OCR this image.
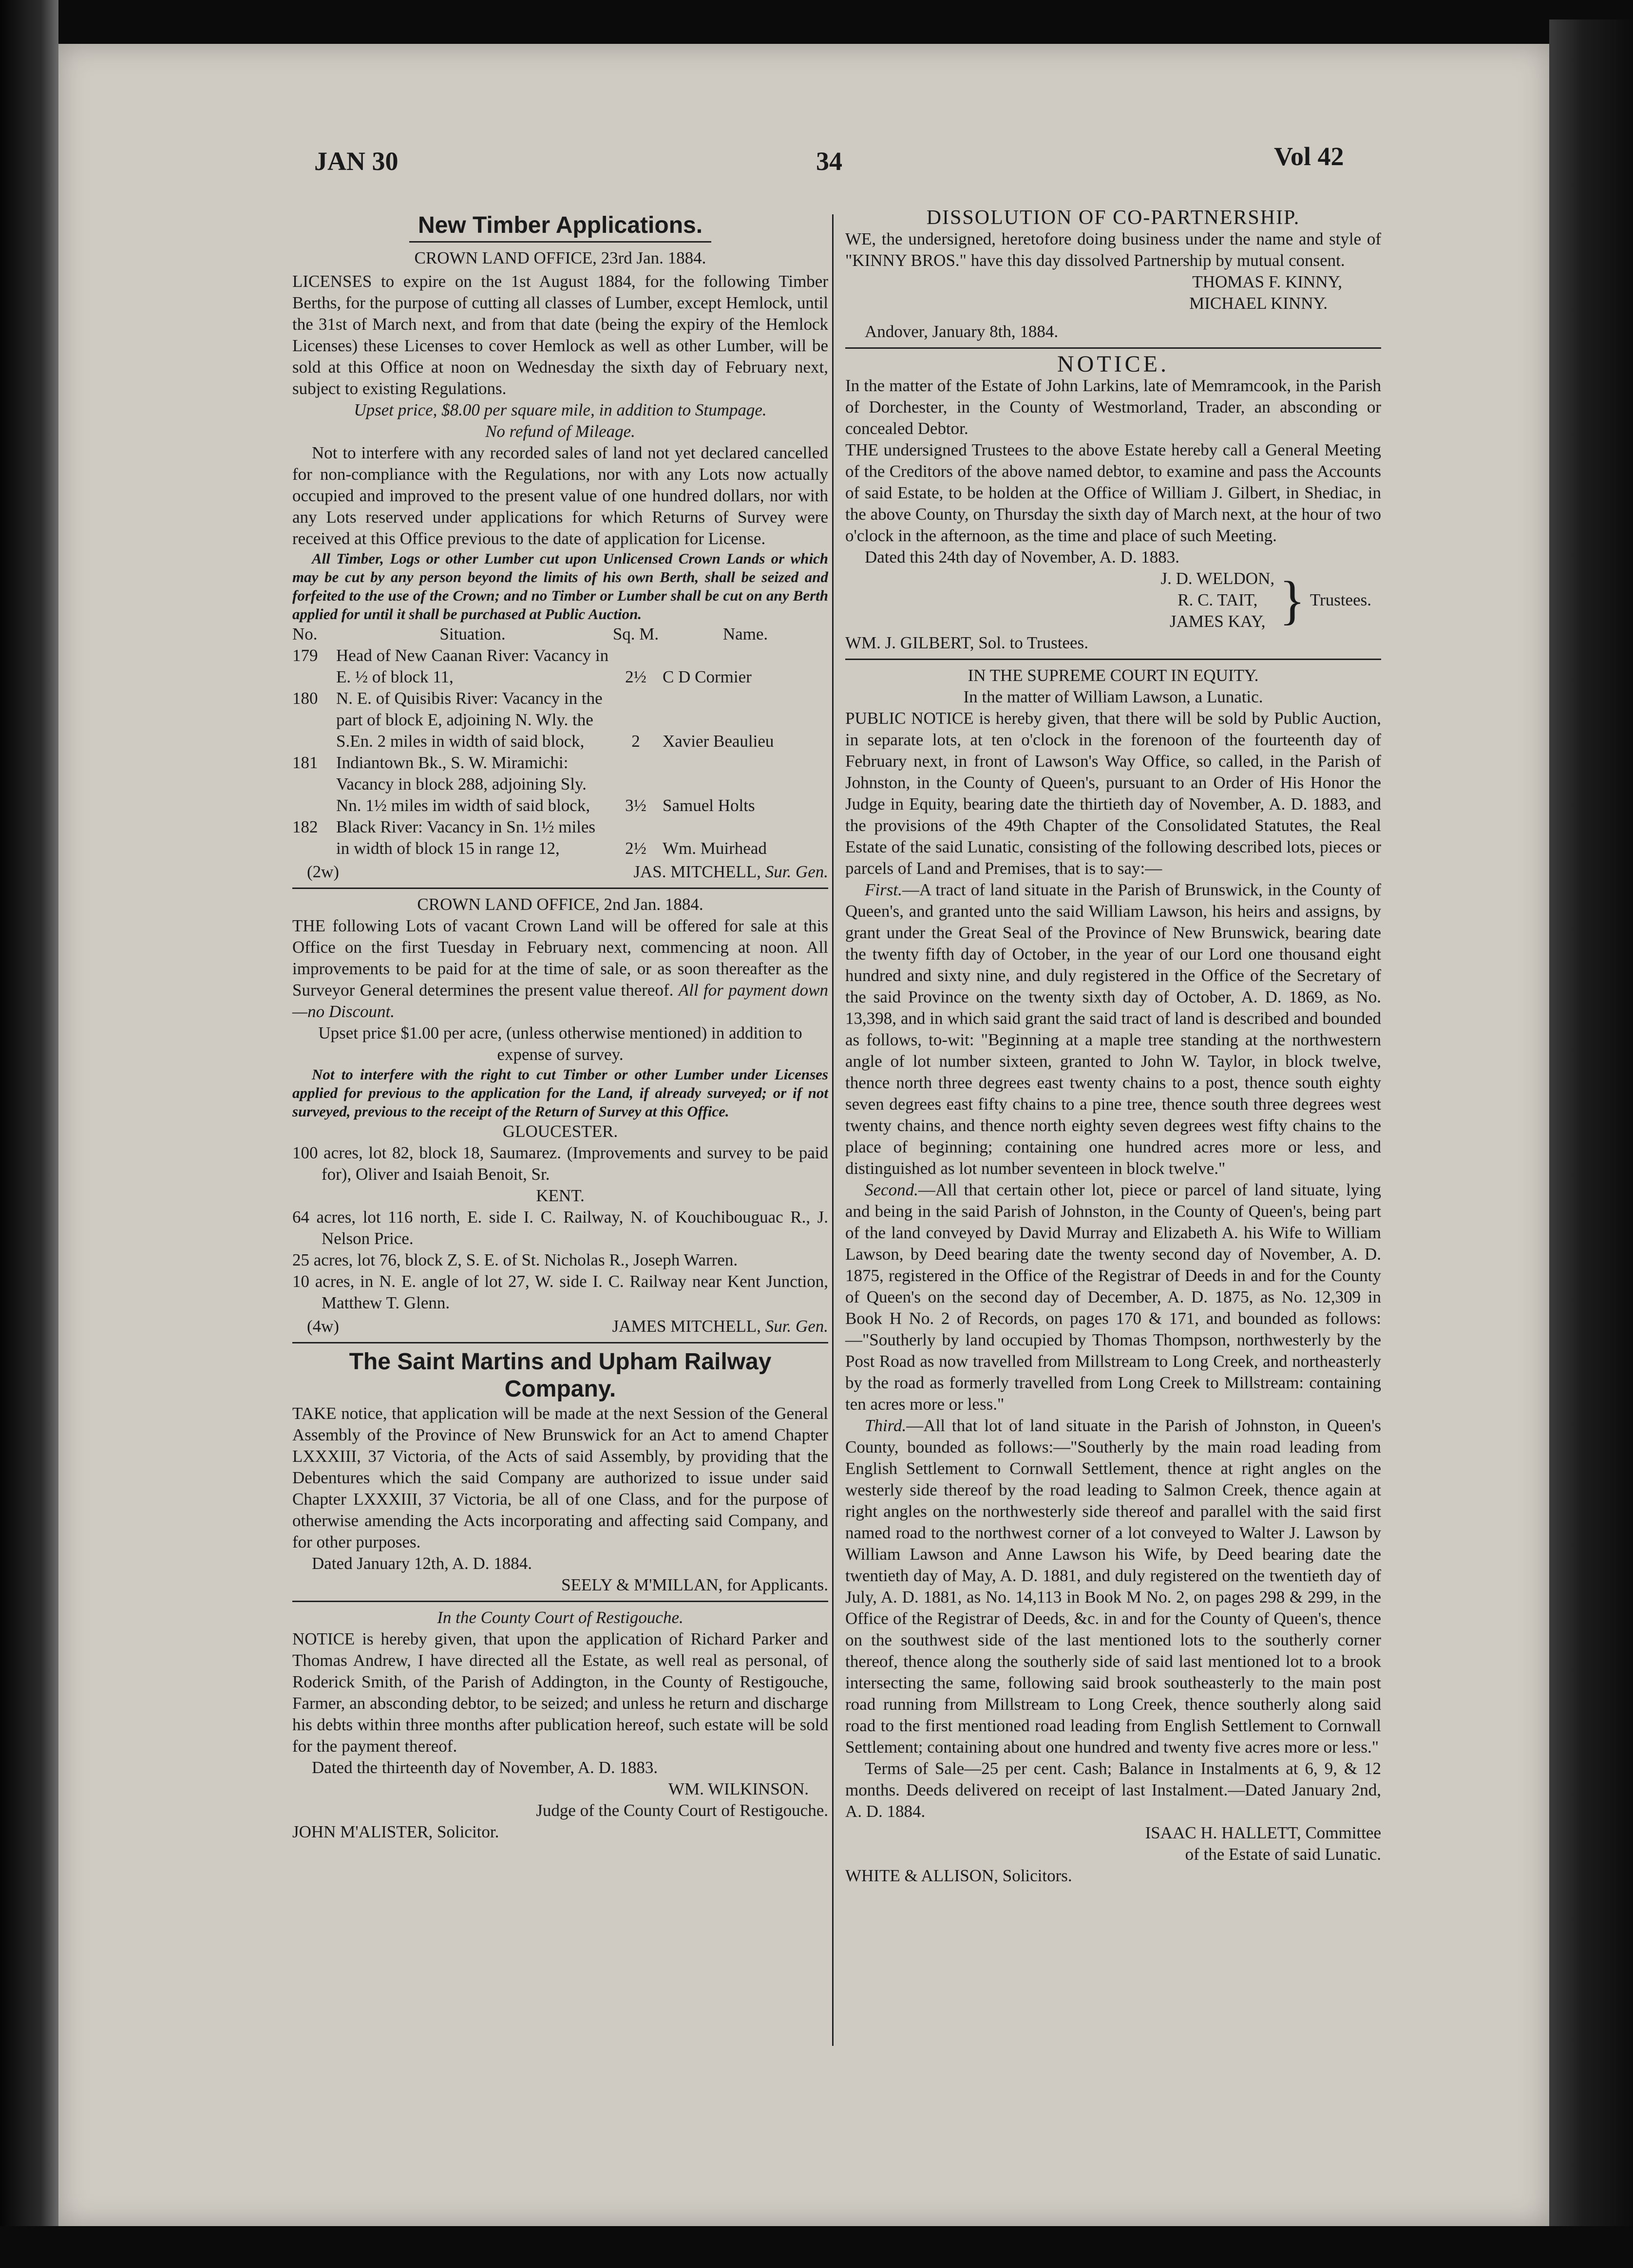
JAN 30	34	Vol 42
New Timber Applications.

CROWN LAND OFFICE, 23rd Jan. 1884.

LICENSES to expire on the 1st August 1884, for the following Timber Berths, for the purpose of cutting all classes of Lumber, except Hemlock, until the 31st of March next, and from that date (being the expiry of the Hemlock Licenses) these Licenses to cover Hemlock as well as other Lumber, will be sold at this Office at noon on Wednesday the sixth day of February next, subject to existing Regulations.

Upset price, $8.00 per square mile, in addition to Stumpage.

No refund of Mileage.

Not to interfere with any recorded sales of land not yet declared cancelled for non-compliance with the Regulations, nor with any Lots now actually occupied and improved to the present value of one hundred dollars, nor with any Lots reserved under applications for which Returns of Survey were received at this Office previous to the date of application for License.

All Timber, Logs or other Lumber cut upon Unlicensed Crown Lands or which may be cut by any person beyond the limits of his own Berth, shall be seized and forfeited to the use of the Crown; and no Timber or Lumber shall be cut on any Berth applied for until it shall be purchased at Public Auction.

No.	Situation.	Sq. M.	Name.
179	Head of New Caanan River: Vacancy in E. ½ of block 11,	2½	C D Cormier
180	N. E. of Quisibis River: Vacancy in the part of block E, adjoining N. Wly. the S.En. 2 miles in width of said block,	2	Xavier Beaulieu
181	Indiantown Bk., S. W. Miramichi: Vacancy in block 288, adjoining Sly. Nn. 1½ miles im width of said block,	3½	Samuel Holts
182	Black River: Vacancy in Sn. 1½ miles in width of block 15 in range 12,	2½	Wm. Muirhead
(2w)	JAS. MITCHELL, Sur. Gen.

CROWN LAND OFFICE, 2nd Jan. 1884.

THE following Lots of vacant Crown Land will be offered for sale at this Office on the first Tuesday in February next, commencing at noon. All improvements to be paid for at the time of sale, or as soon thereafter as the Surveyor General determines the present value thereof. All for payment down—no Discount.

Upset price $1.00 per acre, (unless otherwise mentioned) in addition to expense of survey.

Not to interfere with the right to cut Timber or other Lumber under Licenses applied for previous to the application for the Land, if already surveyed; or if not surveyed, previous to the receipt of the Return of Survey at this Office.

GLOUCESTER.

100 acres, lot 82, block 18, Saumarez. (Improvements and survey to be paid for), Oliver and Isaiah Benoit, Sr.

KENT.

64 acres, lot 116 north, E. side I. C. Railway, N. of Kouchibouguac R., J. Nelson Price.

25 acres, lot 76, block Z, S. E. of St. Nicholas R., Joseph Warren.

10 acres, in N. E. angle of lot 27, W. side I. C. Railway near Kent Junction, Matthew T. Glenn.

(4w)	JAMES MITCHELL, Sur. Gen.
The Saint Martins and Upham Railway Company.

TAKE notice, that application will be made at the next Session of the General Assembly of the Province of New Brunswick for an Act to amend Chapter LXXXIII, 37 Victoria, of the Acts of said Assembly, by providing that the Debentures which the said Company are authorized to issue under said Chapter LXXXIII, 37 Victoria, be all of one Class, and for the purpose of otherwise amending the Acts incorporating and affecting said Company, and for other purposes.

Dated January 12th, A. D. 1884.

SEELY & M'MILLAN, for Applicants.

In the County Court of Restigouche.

NOTICE is hereby given, that upon the application of Richard Parker and Thomas Andrew, I have directed all the Estate, as well real as personal, of Roderick Smith, of the Parish of Addington, in the County of Restigouche, Farmer, an absconding debtor, to be seized; and unless he return and discharge his debts within three months after publication hereof, such estate will be sold for the payment thereof.

Dated the thirteenth day of November, A. D. 1883.

WM. WILKINSON.

Judge of the County Court of Restigouche.

JOHN M'ALISTER, Solicitor.

DISSOLUTION OF CO-PARTNERSHIP.

WE, the undersigned, heretofore doing business under the name and style of "KINNY BROS." have this day dissolved Partnership by mutual consent.

THOMAS F. KINNY,

MICHAEL KINNY.

Andover, January 8th, 1884.

NOTICE.

In the matter of the Estate of John Larkins, late of Memramcook, in the Parish of Dorchester, in the County of Westmorland, Trader, an absconding or concealed Debtor.

THE undersigned Trustees to the above Estate hereby call a General Meeting of the Creditors of the above named debtor, to examine and pass the Accounts of said Estate, to be holden at the Office of William J. Gilbert, in Shediac, in the above County, on Thursday the sixth day of March next, at the hour of two o'clock in the afternoon, as the time and place of such Meeting.

Dated this 24th day of November, A. D. 1883.

J. D. WELDON,
R. C. TAIT,
JAMES KAY, } Trustees.

WM. J. GILBERT, Sol. to Trustees.

IN THE SUPREME COURT IN EQUITY.

In the matter of William Lawson, a Lunatic.

PUBLIC NOTICE is hereby given, that there will be sold by Public Auction, in separate lots, at ten o'clock in the forenoon of the fourteenth day of February next, in front of Lawson's Way Office, so called, in the Parish of Johnston, in the County of Queen's, pursuant to an Order of His Honor the Judge in Equity, bearing date the thirtieth day of November, A. D. 1883, and the provisions of the 49th Chapter of the Consolidated Statutes, the Real Estate of the said Lunatic, consisting of the following described lots, pieces or parcels of Land and Premises, that is to say:—

First.—A tract of land situate in the Parish of Brunswick, in the County of Queen's, and granted unto the said William Lawson, his heirs and assigns, by grant under the Great Seal of the Province of New Brunswick, bearing date the twenty fifth day of October, in the year of our Lord one thousand eight hundred and sixty nine, and duly registered in the Office of the Secretary of the said Province on the twenty sixth day of October, A. D. 1869, as No. 13,398, and in which said grant the said tract of land is described and bounded as follows, to-wit: "Beginning at a maple tree standing at the northwestern angle of lot number sixteen, granted to John W. Taylor, in block twelve, thence north three degrees east twenty chains to a post, thence south eighty seven degrees east fifty chains to a pine tree, thence south three degrees west twenty chains, and thence north eighty seven degrees west fifty chains to the place of beginning; containing one hundred acres more or less, and distinguished as lot number seventeen in block twelve."

Second.—All that certain other lot, piece or parcel of land situate, lying and being in the said Parish of Johnston, in the County of Queen's, being part of the land conveyed by David Murray and Elizabeth A. his Wife to William Lawson, by Deed bearing date the twenty second day of November, A. D. 1875, registered in the Office of the Registrar of Deeds in and for the County of Queen's on the second day of December, A. D. 1875, as No. 12,309 in Book H No. 2 of Records, on pages 170 & 171, and bounded as follows:—"Southerly by land occupied by Thomas Thompson, northwesterly by the Post Road as now travelled from Millstream to Long Creek, and northeasterly by the road as formerly travelled from Long Creek to Millstream: containing ten acres more or less."

Third.—All that lot of land situate in the Parish of Johnston, in Queen's County, bounded as follows:—"Southerly by the main road leading from English Settlement to Cornwall Settlement, thence at right angles on the westerly side thereof by the road leading to Salmon Creek, thence again at right angles on the northwesterly side thereof and parallel with the said first named road to the northwest corner of a lot conveyed to Walter J. Lawson by William Lawson and Anne Lawson his Wife, by Deed bearing date the twentieth day of May, A. D. 1881, and duly registered on the twentieth day of July, A. D. 1881, as No. 14,113 in Book M No. 2, on pages 298 & 299, in the Office of the Registrar of Deeds, &c. in and for the County of Queen's, thence on the southwest side of the last mentioned lots to the southerly corner thereof, thence along the southerly side of said last mentioned lot to a brook intersecting the same, following said brook southeasterly to the main post road running from Millstream to Long Creek, thence southerly along said road to the first mentioned road leading from English Settlement to Cornwall Settlement; containing about one hundred and twenty five acres more or less."

Terms of Sale—25 per cent. Cash; Balance in Instalments at 6, 9, & 12 months. Deeds delivered on receipt of last Instalment.—Dated January 2nd, A. D. 1884.

ISAAC H. HALLETT, Committee

of the Estate of said Lunatic.

WHITE & ALLISON, Solicitors.
